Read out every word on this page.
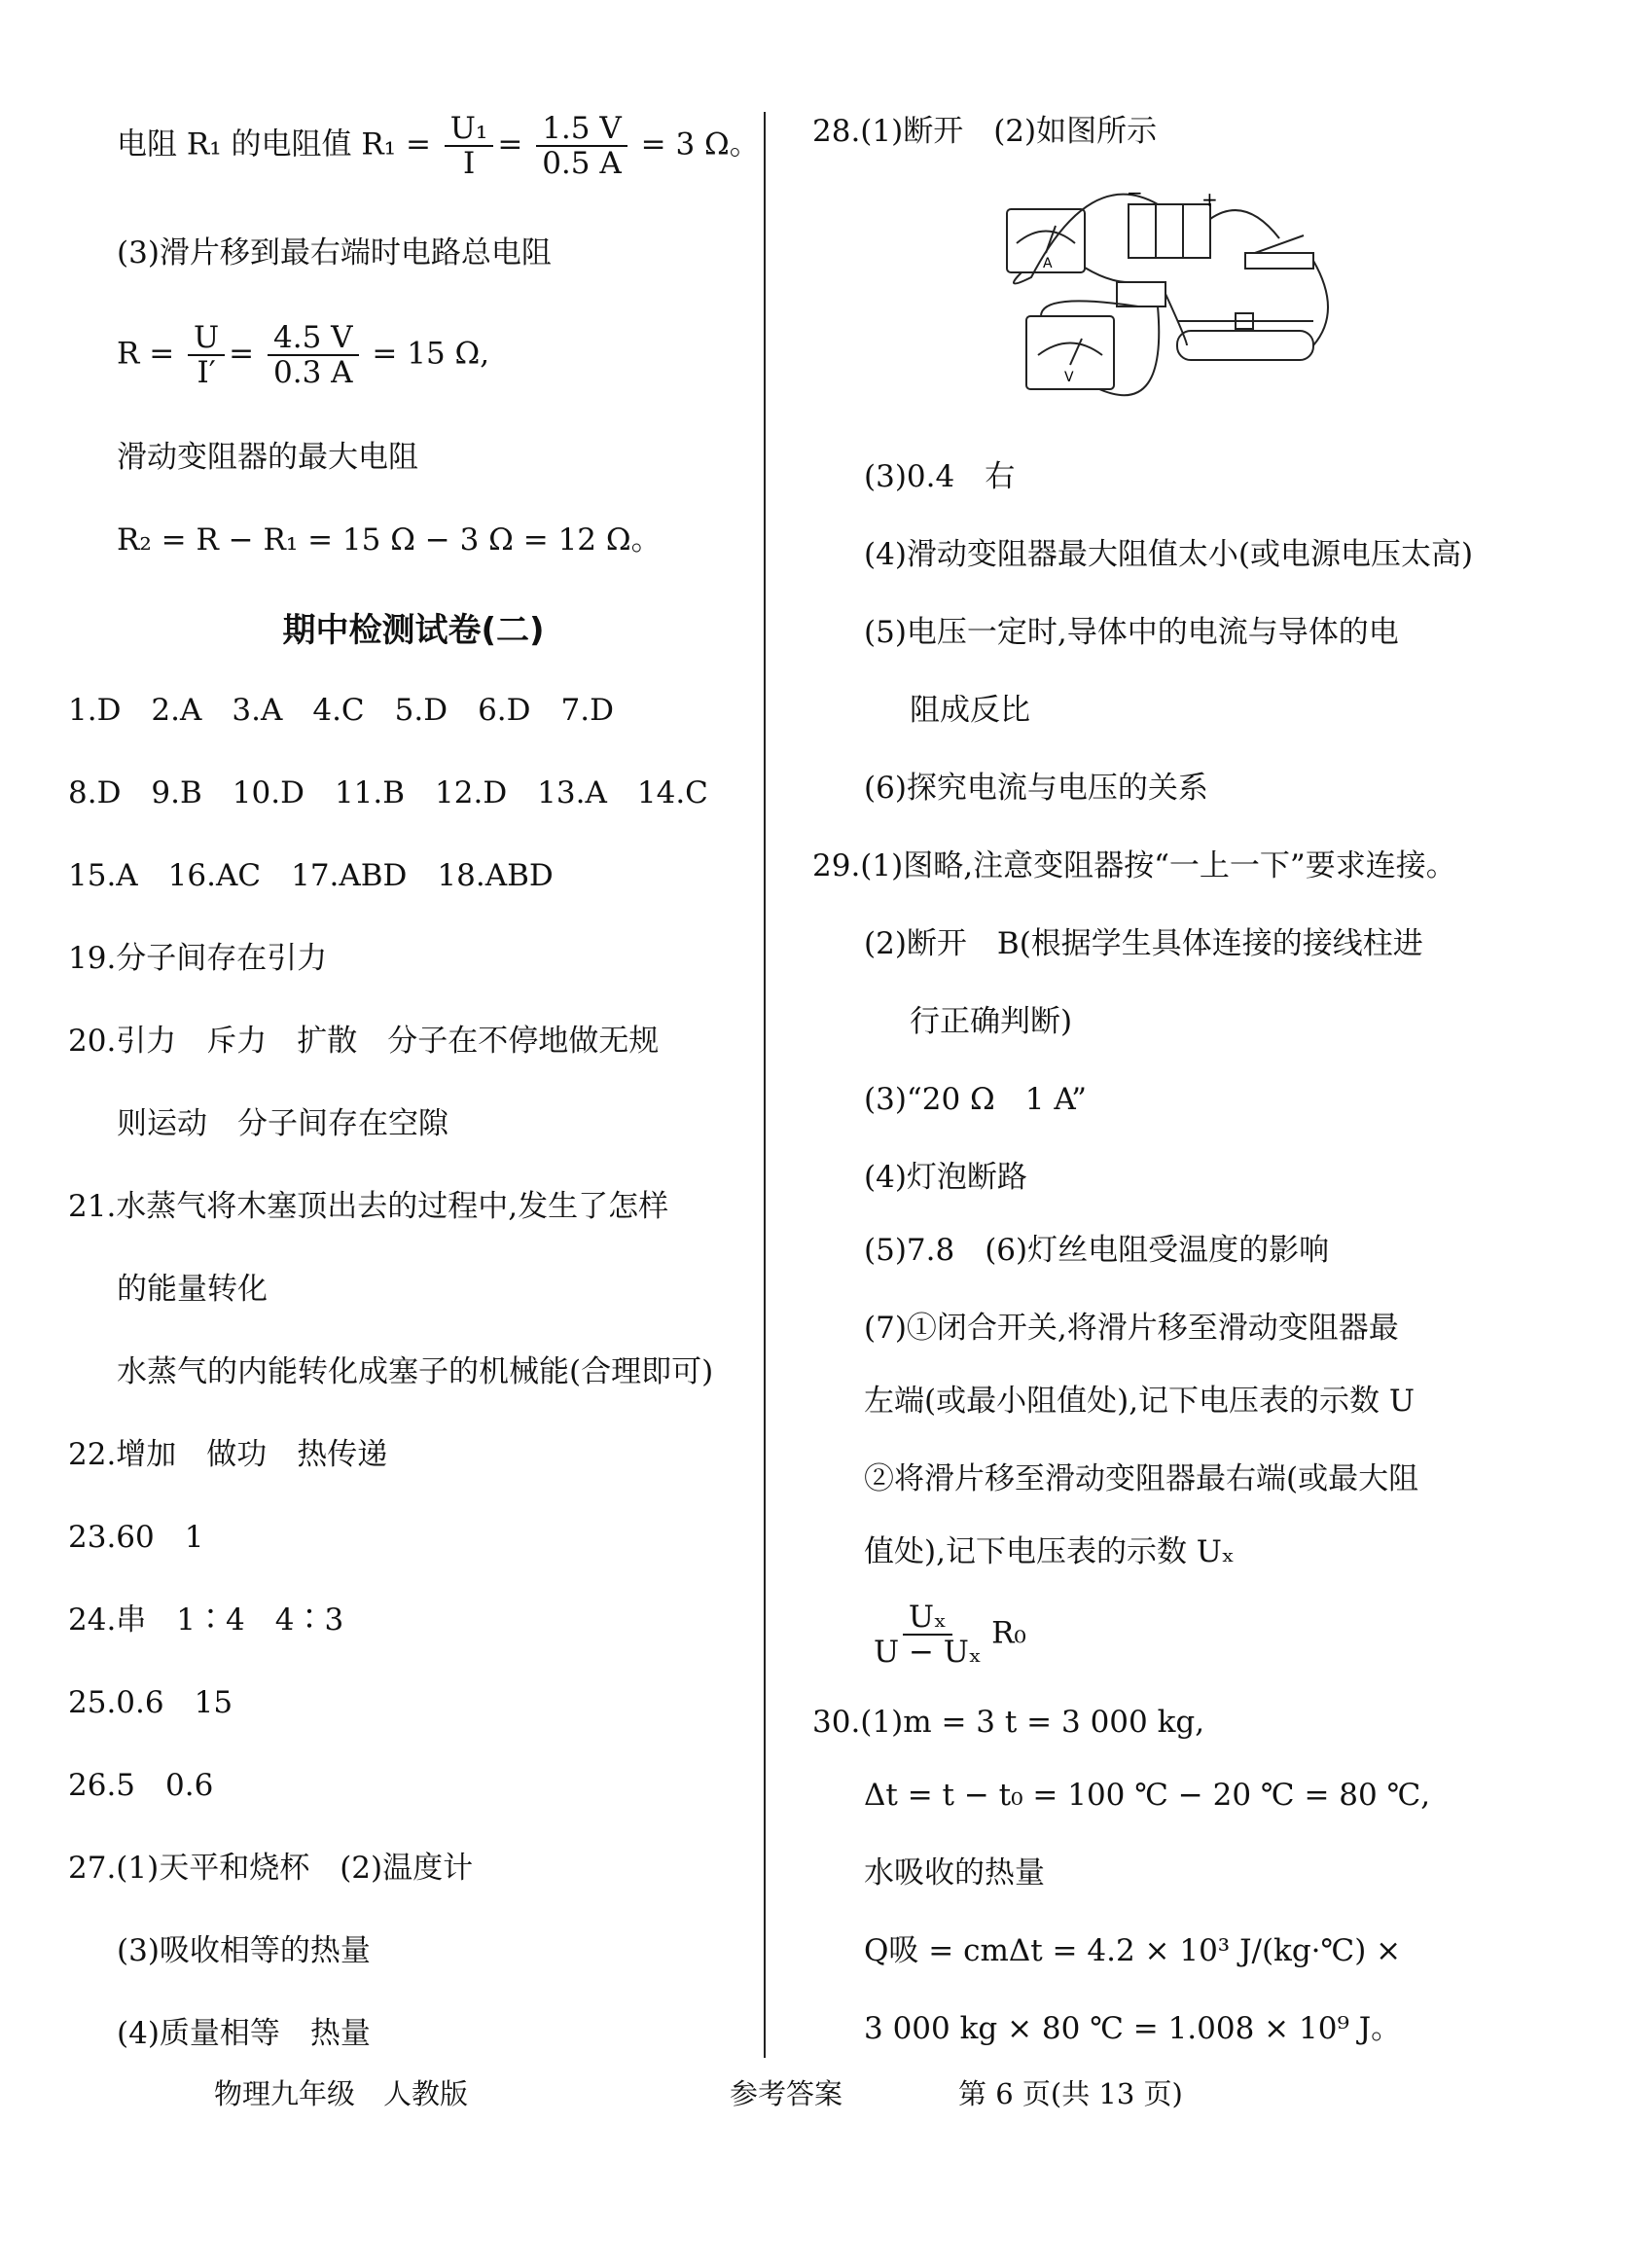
电阻 R₁ 的电阻值 $R_1 = \frac{\text{U₁}}{I} = \frac{1.5 V}{0.5 A} = 3$ Ω。
(3)滑片移到最右端时电路总电阻
$R = \frac{U}{I'} = \frac{4.5 V}{0.3 A} = 15$ Ω,
滑动变阻器的最大电阻
R₂ = R − R₁ = 15 Ω − 3 Ω = 12 Ω。
期中检测试卷(二)
1.D　2.A　3.A　4.C　5.D　6.D　7.D
8.D　9.B　10.D　11.B　12.D　13.A　14.C
15.A　16.AC　17.ABD　18.ABD
19.分子间存在引力
20.引力　斥力　扩散　分子在不停地做无规
则运动　分子间存在空隙
21.水蒸气将木塞顶出去的过程中,发生了怎样
的能量转化
水蒸气的内能转化成塞子的机械能(合理即可)
22.增加　做功　热传递
23.60　1
24.串　1∶4　4∶3
25.0.6　15
26.5　0.6
27.(1)天平和烧杯　(2)温度计
(3)吸收相等的热量
(4)质量相等　热量
28.(1)断开　(2)如图所示
−	+
A
V
(3)0.4　右
(4)滑动变阻器最大阻值太小(或电源电压太高)
(5)电压一定时,导体中的电流与导体的电
阻成反比
(6)探究电流与电压的关系
29.(1)图略,注意变阻器按“一上一下”要求连接。
(2)断开　B(根据学生具体连接的接线柱进
行正确判断)
(3)“20 Ω　1 A”
(4)灯泡断路
(5)7.8　(6)灯丝电阻受温度的影响
(7)①闭合开关,将滑片移至滑动变阻器最
左端(或最小阻值处),记下电压表的示数 U
②将滑片移至滑动变阻器最右端(或最大阻
值处),记下电压表的示数 Uₓ
$\frac{\text{Uₓ}}{\text{U − Uₓ}} R_0$
30.(1)m = 3 t = 3 000 kg,
Δt = t − t₀ = 100 ℃ − 20 ℃ = 80 ℃,
水吸收的热量
Q吸 = cmΔt = 4.2 × 10³ J/(kg·℃) ×
3 000 kg × 80 ℃ = 1.008 × 10⁹ J。
物理九年级　人教版	参考答案	第 6 页(共 13 页)
